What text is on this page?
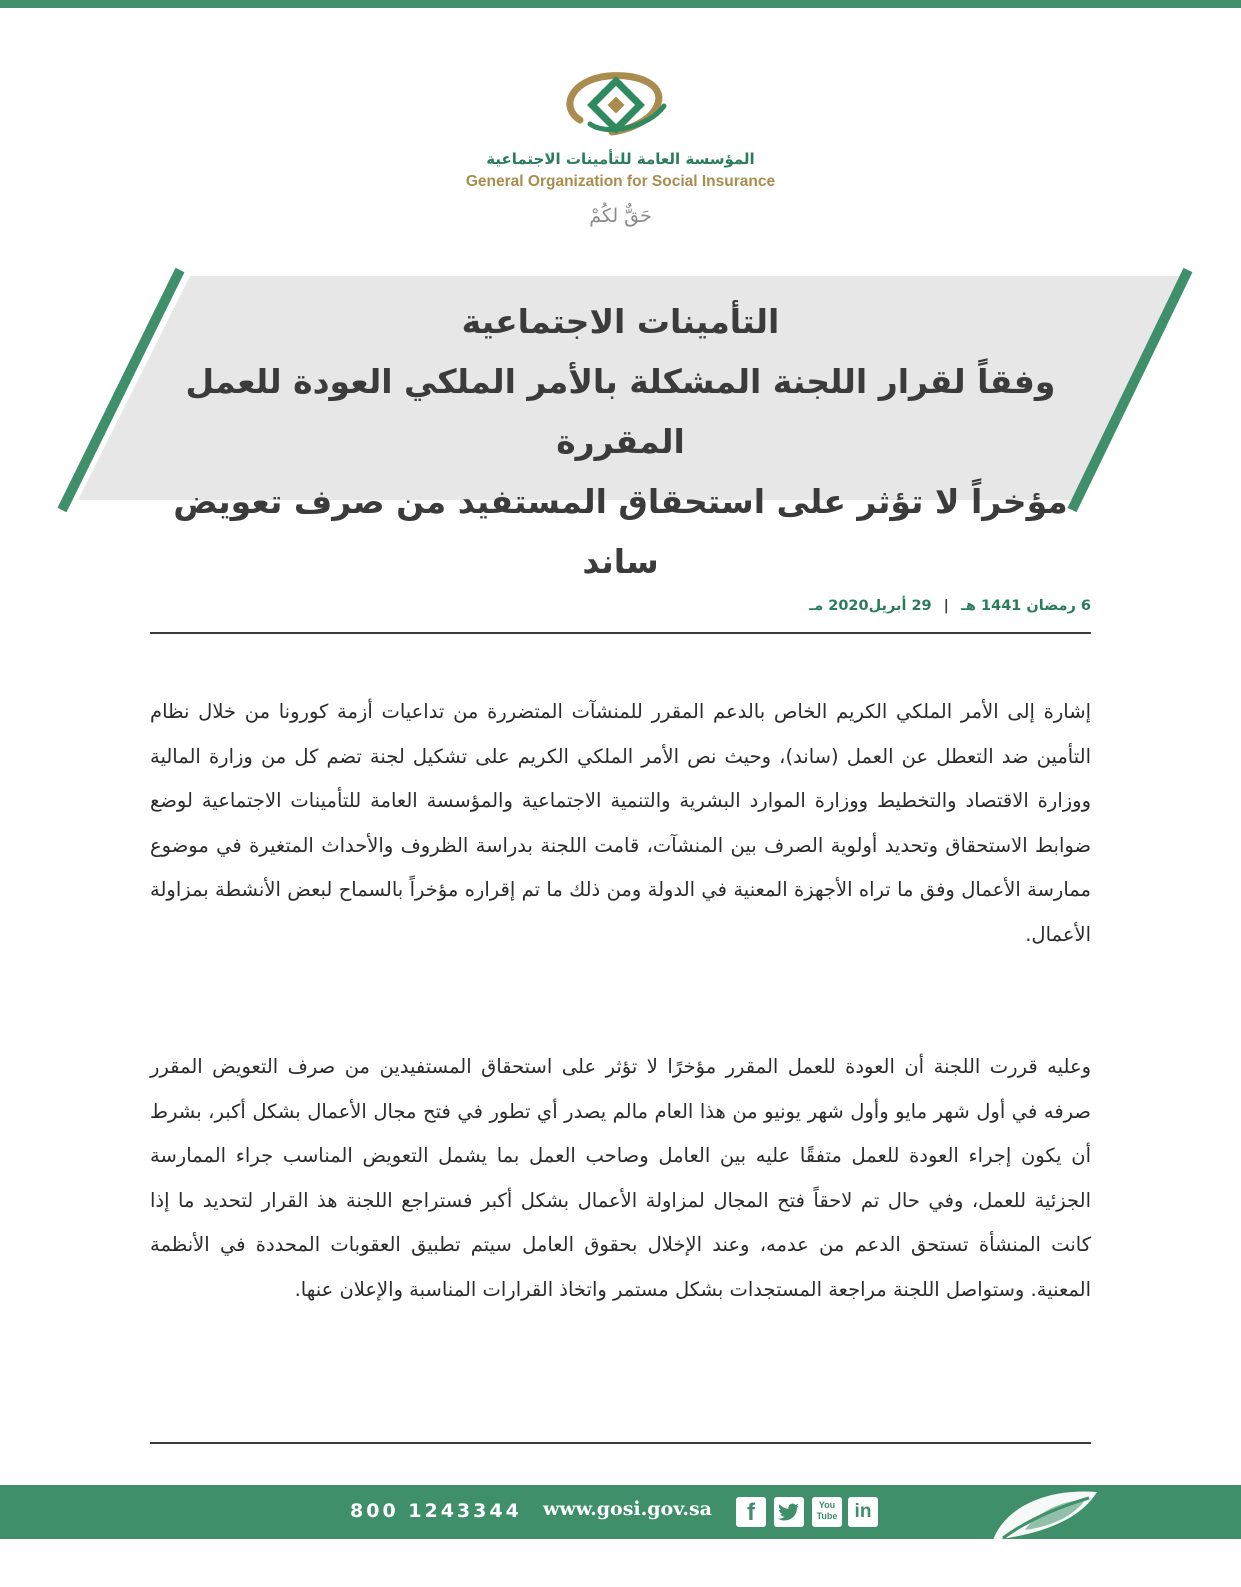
المؤسسة العامة للتأمينات الاجتماعية

General Organization for Social Insurance

حَقٌّ لكُمْ

التأمينات الاجتماعية
وفقاً لقرار اللجنة المشكلة بالأمر الملكي العودة للعمل المقررة
مؤخراً لا تؤثر على استحقاق المستفيد من صرف تعويض ساند

6 رمضان 1441 هـ|29 أبريل2020 مـ

إشارة إلى الأمر الملكي الكريم الخاص بالدعم المقرر للمنشآت المتضررة من تداعيات أزمة كورونا من خلال نظام التأمين ضد التعطل عن العمل (ساند)، وحيث نص الأمر الملكي الكريم على تشكيل لجنة تضم كل من وزارة المالية ووزارة الاقتصاد والتخطيط ووزارة الموارد البشرية والتنمية الاجتماعية والمؤسسة العامة للتأمينات الاجتماعية لوضع ضوابط الاستحقاق وتحديد أولوية الصرف بين المنشآت، قامت اللجنة بدراسة الظروف والأحداث المتغيرة في موضوع ممارسة الأعمال وفق ما تراه الأجهزة المعنية في الدولة ومن ذلك ما تم إقراره مؤخراً بالسماح لبعض الأنشطة بمزاولة الأعمال.

وعليه قررت اللجنة أن العودة للعمل المقرر مؤخرًا لا تؤثر على استحقاق المستفيدين من صرف التعويض المقرر صرفه في أول شهر مايو وأول شهر يونيو من هذا العام مالم يصدر أي تطور في فتح مجال الأعمال بشكل أكبر، بشرط أن يكون إجراء العودة للعمل متفقًا عليه بين العامل وصاحب العمل بما يشمل التعويض المناسب جراء الممارسة الجزئية للعمل، وفي حال تم لاحقاً فتح المجال لمزاولة الأعمال بشكل أكبر فستراجع اللجنة هذ القرار لتحديد ما إذا كانت المنشأة تستحق الدعم من عدمه، وعند الإخلال بحقوق العامل سيتم تطبيق العقوبات المحددة في الأنظمة المعنية. وستواصل اللجنة مراجعة المستجدات بشكل مستمر واتخاذ القرارات المناسبة والإعلان عنها.

800 1243344 www.gosi.gov.sa	f	You
Tube in
